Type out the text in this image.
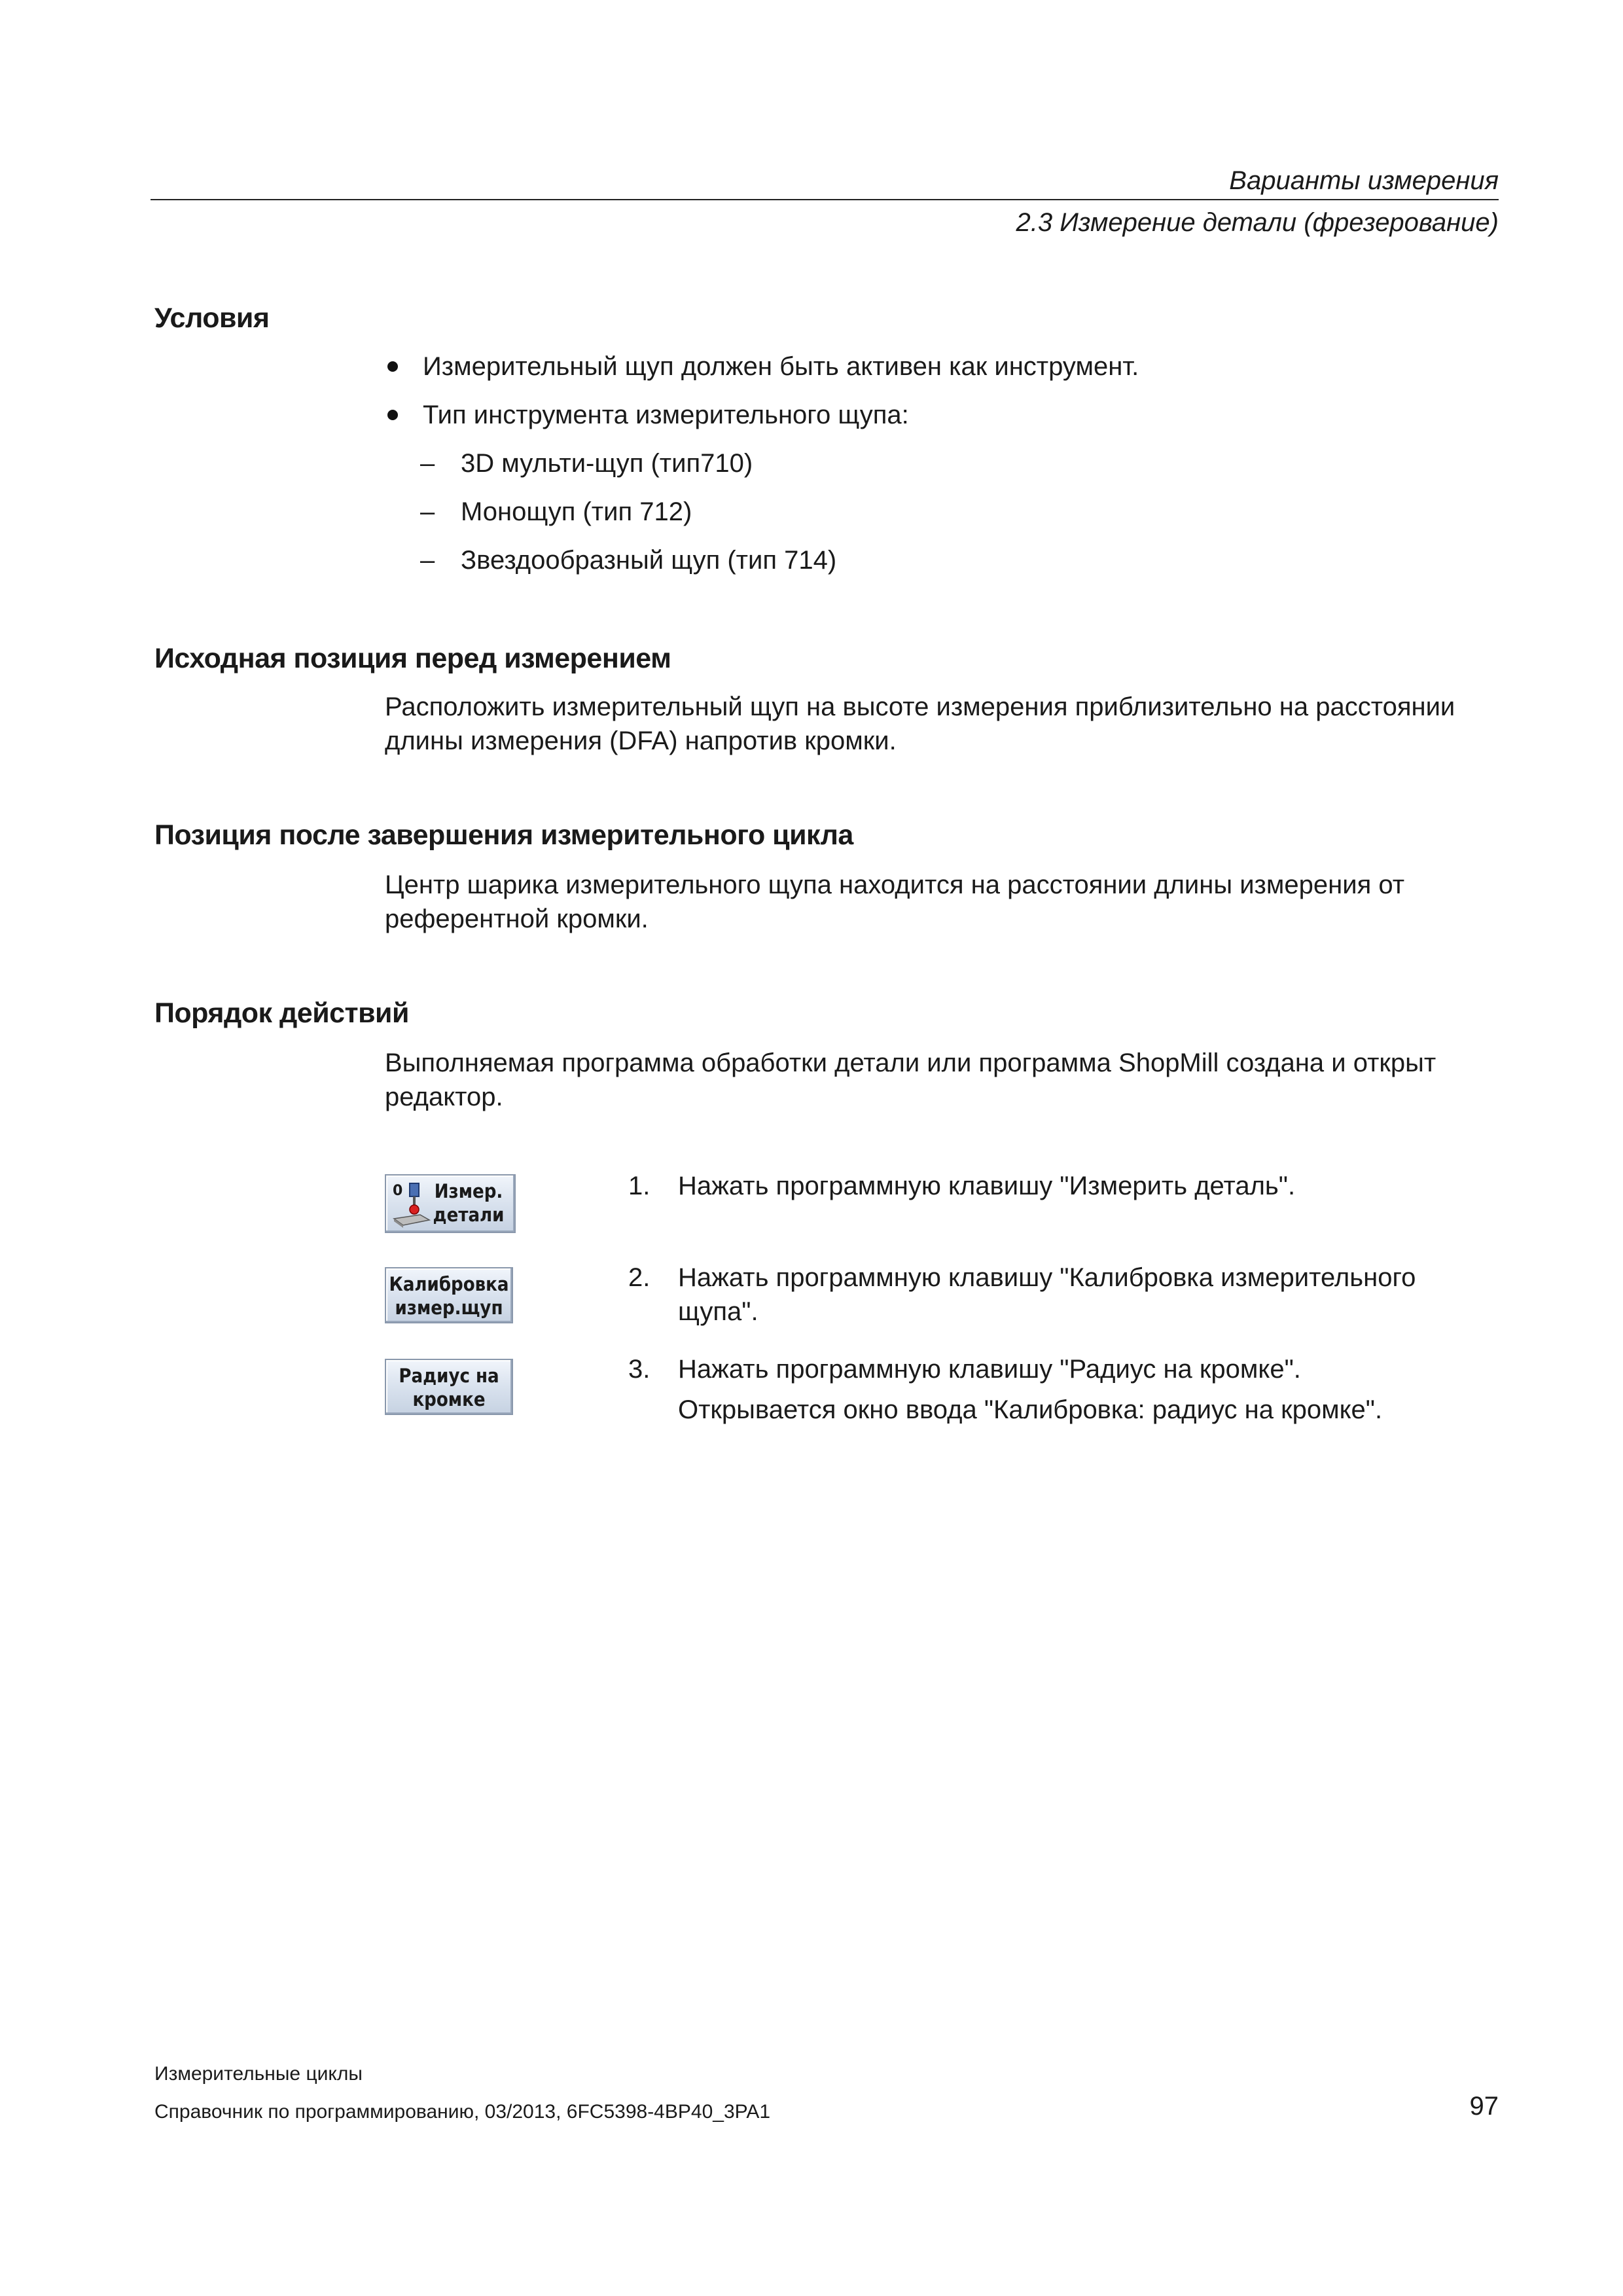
Варианты измерения
2.3 Измерение детали (фрезерование)
Условия
Измерительный щуп должен быть активен как инструмент.
Тип инструмента измерительного щупа:
– 3D мульти-щуп (тип710)
– Монощуп (тип 712)
– Звездообразный щуп (тип 714)
Исходная позиция перед измерением
Расположить измерительный щуп на высоте измерения приблизительно на расстоянии
длины измерения (DFA) напротив кромки.
Позиция после завершения измерительного цикла
Центр шарика измерительного щупа находится на расстоянии длины измерения от
референтной кромки.
Порядок действий
Выполняемая программа обработки детали или программа ShopMill создана и открыт
редактор.
0	Измер.
детали
Калибровка
измер.щуп
Радиус на
кромке
1. Нажать программную клавишу "Измерить деталь".
2. Нажать программную клавишу "Калибровка измерительного
щупа".
3. Нажать программную клавишу "Радиус на кромке".
Открывается окно ввода "Калибровка: радиус на кромке".
Измерительные циклы
Справочник по программированию, 03/2013, 6FC5398-4BP40_3PA1	97
